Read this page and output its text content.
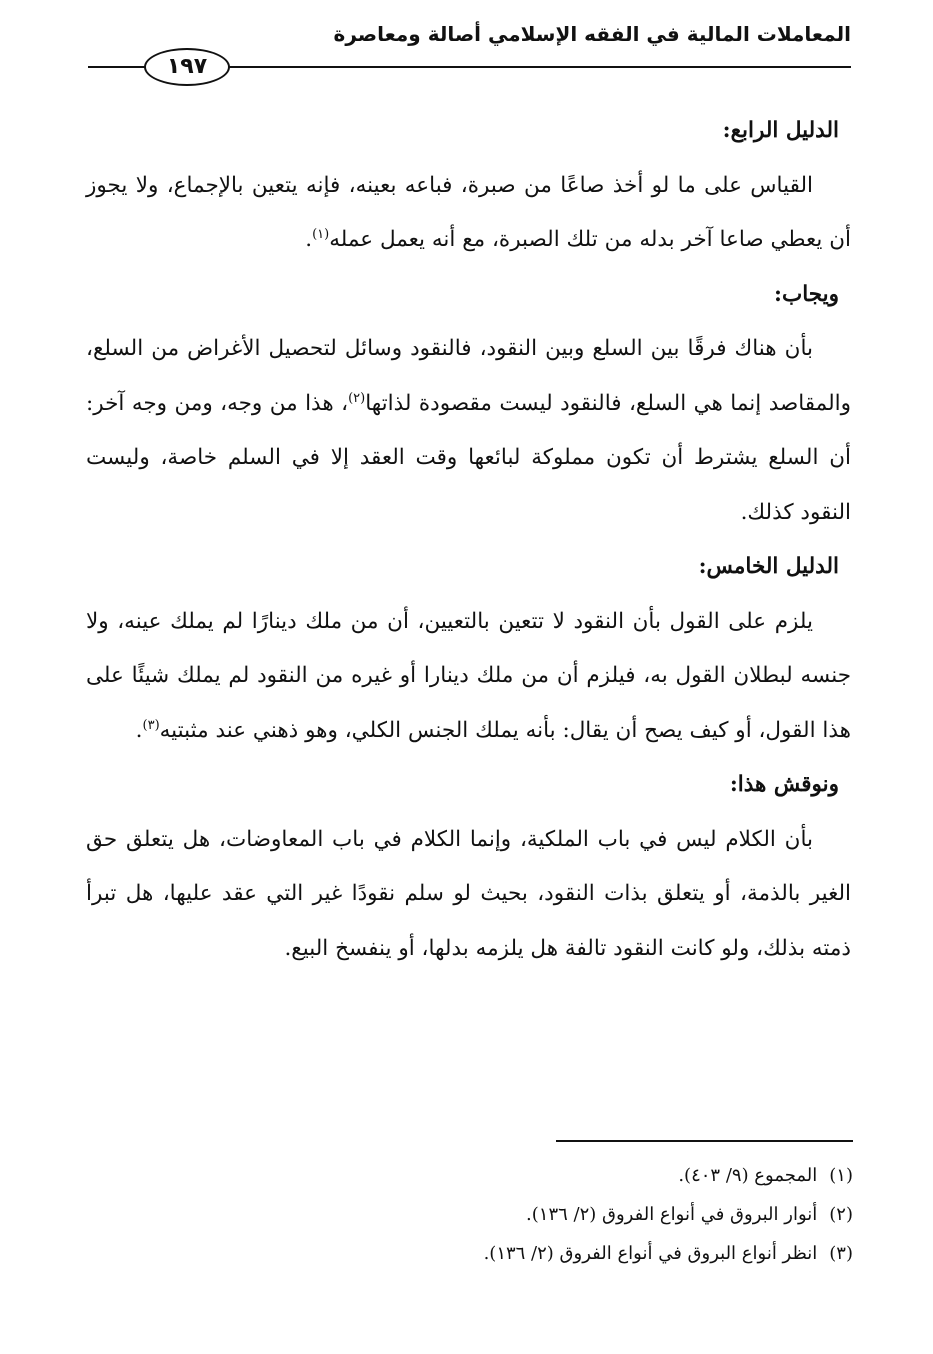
المعاملات المالية في الفقه الإسلامي أصالة ومعاصرة
١٩٧

الدليل الرابع:

القياس على ما لو أخذ صاعًا من صبرة، فباعه بعينه، فإنه يتعين بالإجماع، ولا يجوز أن يعطي صاعا آخر بدله من تلك الصبرة، مع أنه يعمل عمله$^{(١)}$.

ويجاب:

بأن هناك فرقًا بين السلع وبين النقود، فالنقود وسائل لتحصيل الأغراض من السلع، والمقاصد إنما هي السلع، فالنقود ليست مقصودة لذاتها$^{(٢)}$، هذا من وجه، ومن وجه آخر: أن السلع يشترط أن تكون مملوكة لبائعها وقت العقد إلا في السلم خاصة، وليست النقود كذلك.

الدليل الخامس:

يلزم على القول بأن النقود لا تتعين بالتعيين، أن من ملك دينارًا لم يملك عينه، ولا جنسه لبطلان القول به، فيلزم أن من ملك دينارا أو غيره من النقود لم يملك شيئًا على هذا القول، أو كيف يصح أن يقال: بأنه يملك الجنس الكلي، وهو ذهني عند مثبتيه$^{(٣)}$.

ونوقش هذا:

بأن الكلام ليس في باب الملكية، وإنما الكلام في باب المعاوضات، هل يتعلق حق الغير بالذمة، أو يتعلق بذات النقود، بحيث لو سلم نقودًا غير التي عقد عليها، هل تبرأ ذمته بذلك، ولو كانت النقود تالفة هل يلزمه بدلها، أو ينفسخ البيع.

(١)المجموع (٩/ ٤٠٣).

(٢)أنوار البروق في أنواع الفروق (٢/ ١٣٦).

(٣)انظر أنواع البروق في أنواع الفروق (٢/ ١٣٦).
